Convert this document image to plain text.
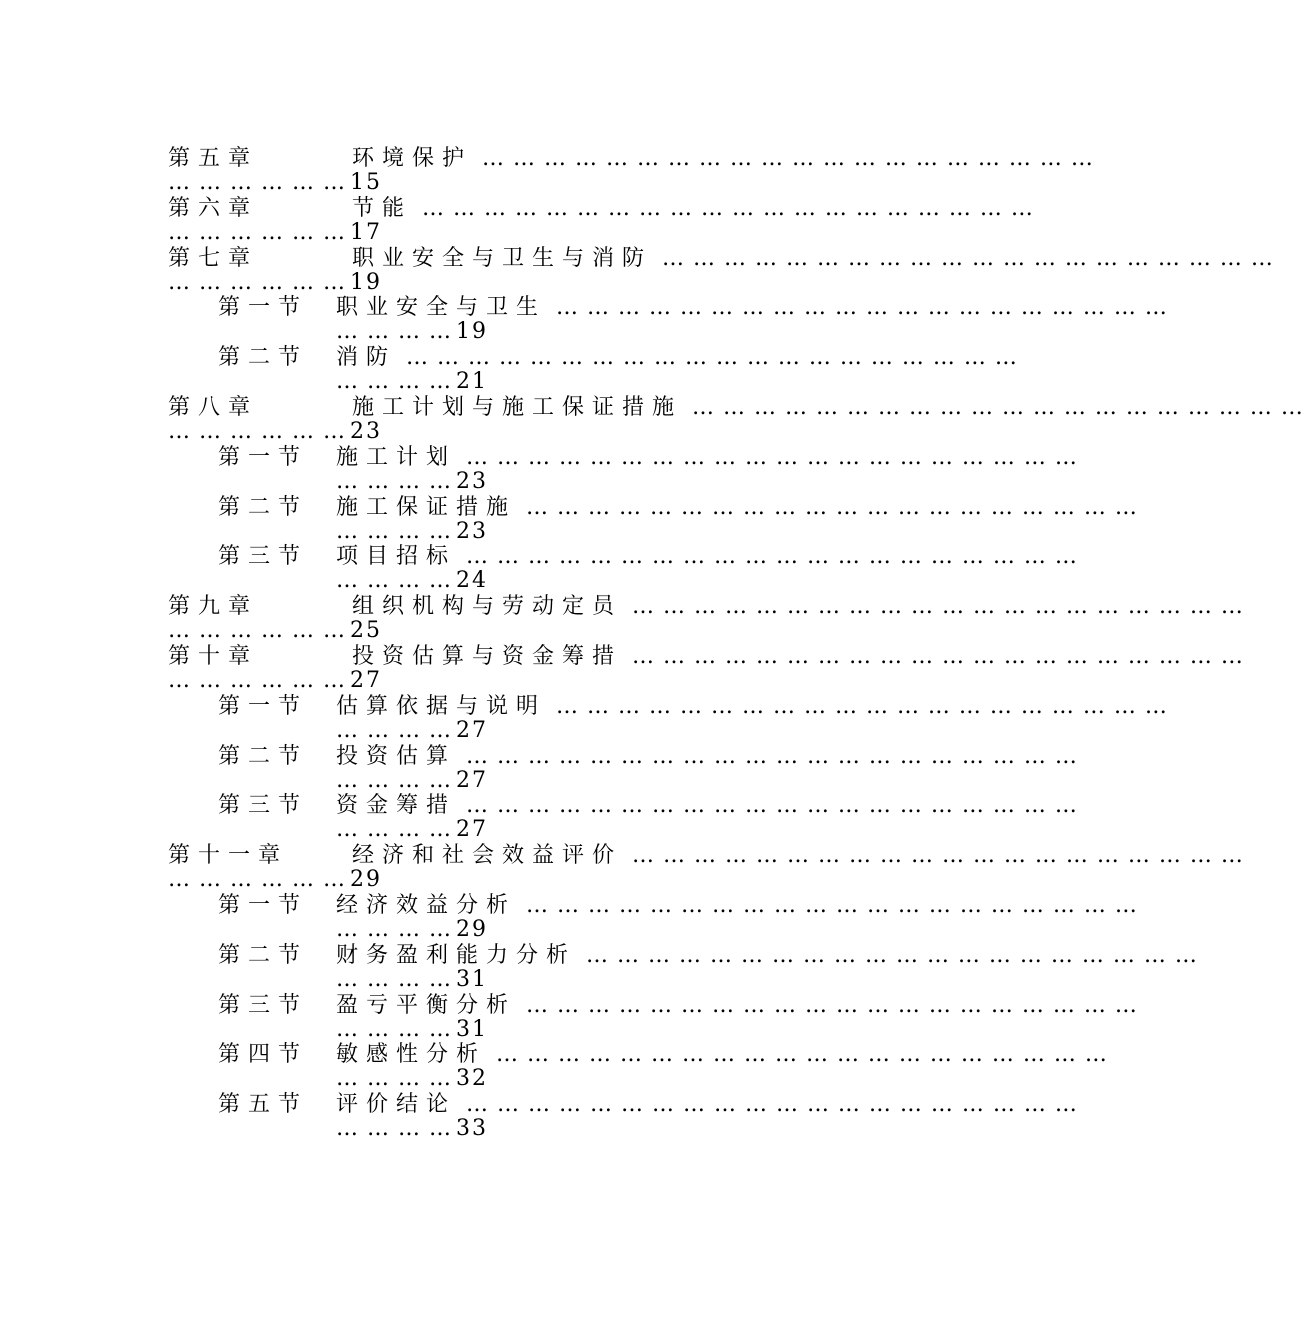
第五章	环境保护 … … … … … … … … … … … … … … … … … … … …
… … … … … … 15
第六章	节能 … … … … … … … … … … … … … … … … … … … …
… … … … … … 17
第七章	职业安全与卫生与消防 … … … … … … … … … … … … … … … … … … … …
… … … … … … 19
第一节 职业安全与卫生 … … … … … … … … … … … … … … … … … … … …
… … … … 19
第二节 消防 … … … … … … … … … … … … … … … … … … … …
… … … … 21
第八章	施工计划与施工保证措施 … … … … … … … … … … … … … … … … … … … …
… … … … … … 23
第一节 施工计划 … … … … … … … … … … … … … … … … … … … …
… … … … 23
第二节 施工保证措施 … … … … … … … … … … … … … … … … … … … …
… … … … 23
第三节 项目招标 … … … … … … … … … … … … … … … … … … … …
… … … … 24
第九章	组织机构与劳动定员 … … … … … … … … … … … … … … … … … … … …
… … … … … … 25
第十章	投资估算与资金筹措 … … … … … … … … … … … … … … … … … … … …
… … … … … … 27
第一节 估算依据与说明 … … … … … … … … … … … … … … … … … … … …
… … … … 27
第二节 投资估算 … … … … … … … … … … … … … … … … … … … …
… … … … 27
第三节 资金筹措 … … … … … … … … … … … … … … … … … … … …
… … … … 27
第十一章	经济和社会效益评价 … … … … … … … … … … … … … … … … … … … …
… … … … … … 29
第一节 经济效益分析 … … … … … … … … … … … … … … … … … … … …
… … … … 29
第二节 财务盈利能力分析 … … … … … … … … … … … … … … … … … … … …
… … … … 31
第三节 盈亏平衡分析 … … … … … … … … … … … … … … … … … … … …
… … … … 31
第四节 敏感性分析 … … … … … … … … … … … … … … … … … … … …
… … … … 32
第五节 评价结论 … … … … … … … … … … … … … … … … … … … …
… … … … 33
